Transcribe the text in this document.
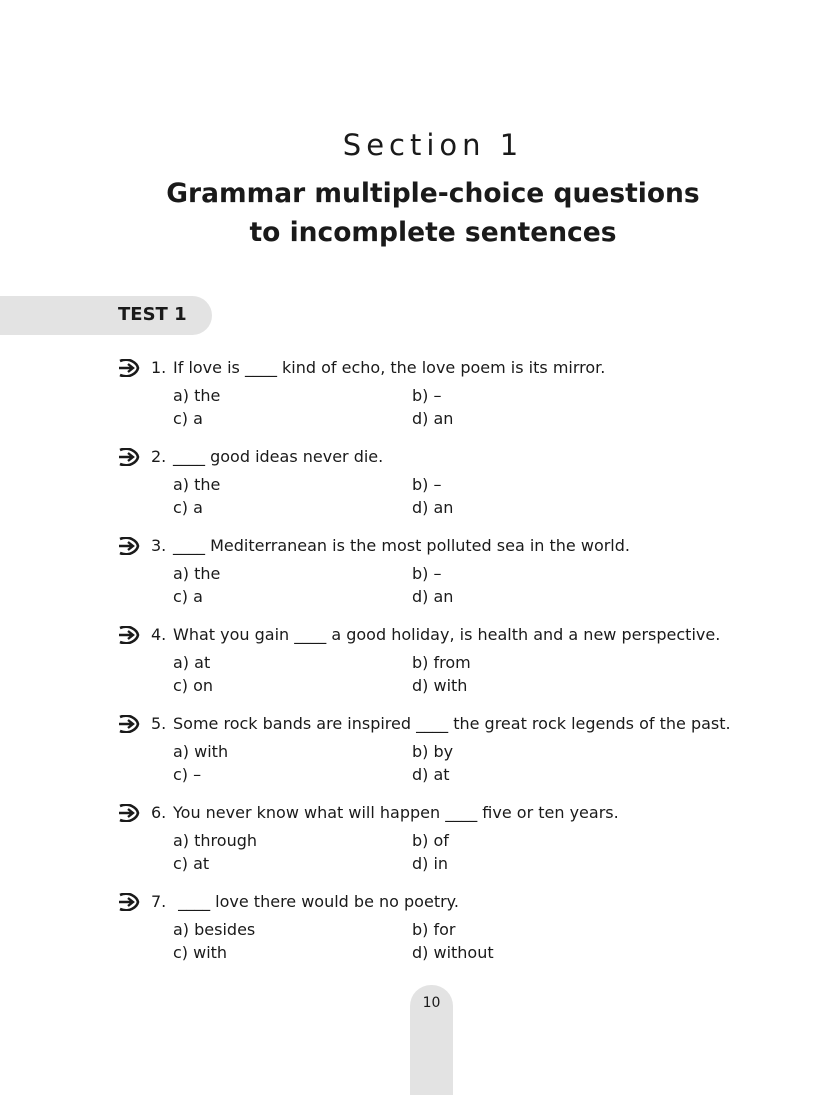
Section 1
Grammar multiple-choice questions
to incomplete sentences
TEST 1
1. If love is ____ kind of echo, the love poem is its mirror.
a) the	b) –
c) a	d) an
2. ____ good ideas never die.
a) the	b) –
c) a	d) an
3. ____ Mediterranean is the most polluted sea in the world.
a) the	b) –
c) a	d) an
4. What you gain ____ a good holiday, is health and a new perspective.
a) at	b) from
c) on	d) with
5. Some rock bands are inspired ____ the great rock legends of the past.
a) with	b) by
c) –	d) at
6. You never know what will happen ____ five or ten years.
a) through	b) of
c) at	d) in
7. ____ love there would be no poetry.
a) besides	b) for
c) with	d) without
10
